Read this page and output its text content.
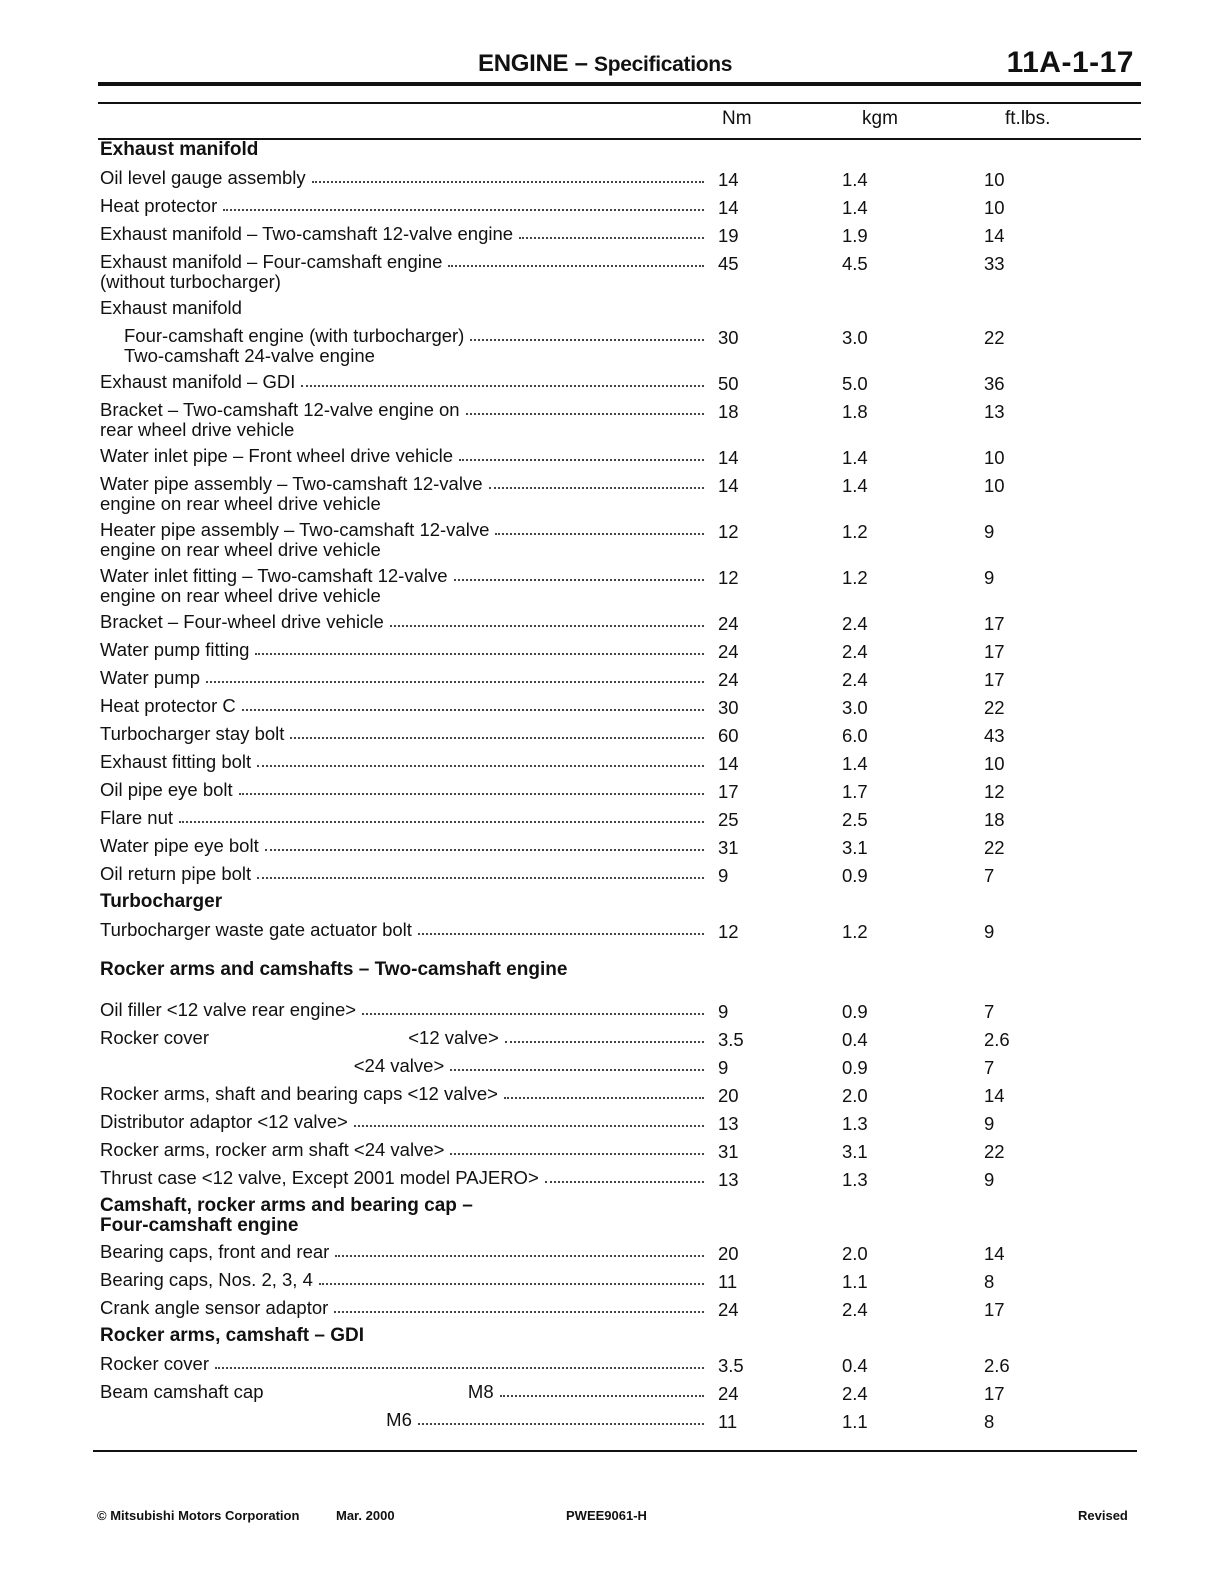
ENGINE – Specifications	11A-1-17
Nm	kgm	ft.lbs.
Exhaust manifold			

Oil level gauge assembly	14	1.4	10

Heat protector	14	1.4	10

Exhaust manifold – Two-camshaft 12-valve engine	19	1.9	14

Exhaust manifold – Four-camshaft engine
(without turbocharger)	45	4.5	33

Exhaust manifold			

Four-camshaft engine (with turbocharger)
Two-camshaft 24-valve engine	30	3.0	22

Exhaust manifold – GDI	50	5.0	36

Bracket – Two-camshaft 12-valve engine on
rear wheel drive vehicle	18	1.8	13

Water inlet pipe – Front wheel drive vehicle	14	1.4	10

Water pipe assembly – Two-camshaft 12-valve
engine on rear wheel drive vehicle	14	1.4	10

Heater pipe assembly – Two-camshaft 12-valve
engine on rear wheel drive vehicle	12	1.2	9

Water inlet fitting – Two-camshaft 12-valve
engine on rear wheel drive vehicle	12	1.2	9

Bracket – Four-wheel drive vehicle	24	2.4	17

Water pump fitting	24	2.4	17

Water pump	24	2.4	17

Heat protector C	30	3.0	22

Turbocharger stay bolt	60	6.0	43

Exhaust fitting bolt	14	1.4	10

Oil pipe eye bolt	17	1.7	12

Flare nut	25	2.5	18

Water pipe eye bolt	31	3.1	22

Oil return pipe bolt	9	0.9	7

Turbocharger			

Turbocharger waste gate actuator bolt	12	1.2	9

Rocker arms and camshafts – Two-camshaft engine			

Oil filler <12 valve rear engine>	9	0.9	7

Rocker cover <12 valve>	3.5	0.4	2.6

<24 valve>	9	0.9	7

Rocker arms, shaft and bearing caps <12 valve>	20	2.0	14

Distributor adaptor <12 valve>	13	1.3	9

Rocker arms, rocker arm shaft <24 valve>	31	3.1	22

Thrust case <12 valve, Except 2001 model PAJERO>	13	1.3	9

Camshaft, rocker arms and bearing cap –
Four-camshaft engine			

Bearing caps, front and rear	20	2.0	14

Bearing caps, Nos. 2, 3, 4	11	1.1	8

Crank angle sensor adaptor	24	2.4	17

Rocker arms, camshaft – GDI			

Rocker cover	3.5	0.4	2.6

Beam camshaft cap M8	24	2.4	17

M6	11	1.1	8
© Mitsubishi Motors Corporation	Mar. 2000	PWEE9061-H	Revised
